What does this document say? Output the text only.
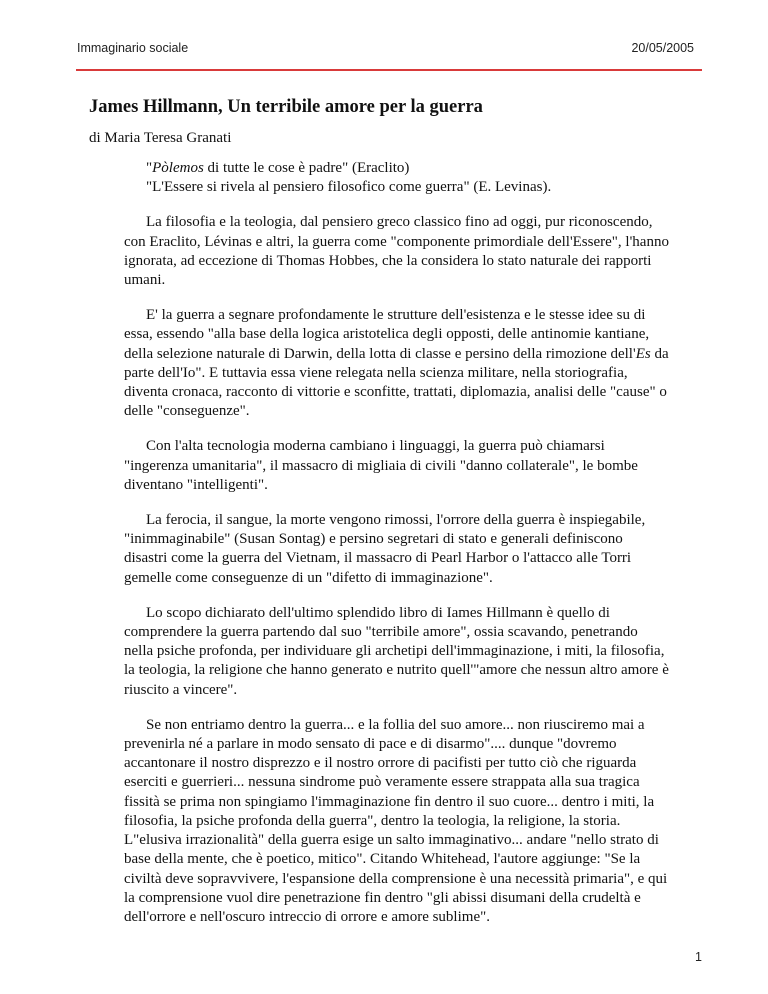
Immaginario sociale	20/05/2005
James Hillmann, Un terribile amore per la guerra
di Maria Teresa Granati
"Pòlemos di tutte le cose è padre" (Eraclito)
"L'Essere si rivela al pensiero filosofico come guerra" (E. Levinas).

La filosofia e la teologia, dal pensiero greco classico fino ad oggi, pur riconoscendo, con Eraclito, Lévinas e altri, la guerra come "componente primordiale dell'Essere", l'hanno ignorata, ad eccezione di Thomas Hobbes, che la considera lo stato naturale dei rapporti umani.

E' la guerra a segnare profondamente le strutture dell'esistenza e le stesse idee su di essa, essendo "alla base della logica aristotelica degli opposti, delle antinomie kantiane, della selezione naturale di Darwin, della lotta di classe e persino della rimozione dell'Es da parte dell'Io". E tuttavia essa viene relegata nella scienza militare, nella storiografia, diventa cronaca, racconto di vittorie e sconfitte, trattati, diplomazia, analisi delle "cause" o delle "conseguenze".

Con l'alta tecnologia moderna cambiano i linguaggi, la guerra può chiamarsi "ingerenza umanitaria", il massacro di migliaia di civili "danno collaterale", le bombe diventano "intelligenti".

La ferocia, il sangue, la morte vengono rimossi, l'orrore della guerra è inspiegabile, "inimmaginabile" (Susan Sontag) e persino segretari di stato e generali definiscono disastri come la guerra del Vietnam, il massacro di Pearl Harbor o l'attacco alle Torri gemelle come conseguenze di un "difetto di immaginazione".

Lo scopo dichiarato dell'ultimo splendido libro di Iames Hillmann è quello di comprendere la guerra partendo dal suo "terribile amore", ossia scavando, penetrando nella psiche profonda, per individuare gli archetipi dell'immaginazione, i miti, la filosofia, la teologia, la religione che hanno generato e nutrito quell'"amore che nessun altro amore è riuscito a vincere".

Se non entriamo dentro la guerra... e la follia del suo amore... non riusciremo mai a prevenirla né a parlare in modo sensato di pace e di disarmo".... dunque "dovremo accantonare il nostro disprezzo e il nostro orrore di pacifisti per tutto ciò che riguarda eserciti e guerrieri... nessuna sindrome può veramente essere strappata alla sua tragica fissità se prima non spingiamo l'immaginazione fin dentro il suo cuore... dentro i miti, la filosofia, la psiche profonda della guerra", dentro la teologia, la religione, la storia. L"elusiva irrazionalità" della guerra esige un salto immaginativo... andare "nello strato di base della mente, che è poetico, mitico". Citando Whitehead, l'autore aggiunge: "Se la civiltà deve sopravvivere, l'espansione della comprensione è una necessità primaria", e qui la comprensione vuol dire penetrazione fin dentro "gli abissi disumani della crudeltà e dell'orrore e nell'oscuro intreccio di orrore e amore sublime".

1
